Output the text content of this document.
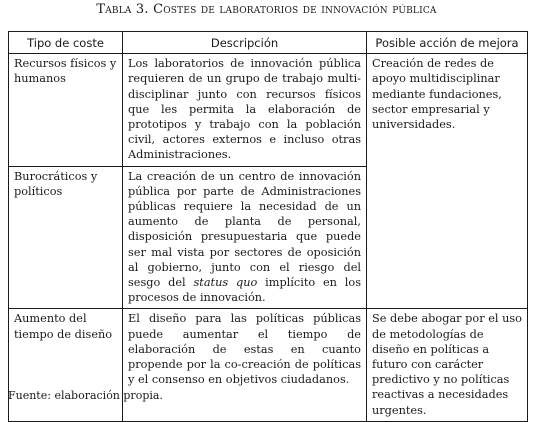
Tabla 3. Costes de laboratorios de innovación pública
Tipo de coste	Descripción	Posible acción de mejora
Recursos físicos y humanos	Los laboratorios de innovación pública requieren de un grupo de trabajo multi-disciplinar junto con recursos físicos que les permita la elaboración de prototipos y trabajo con la población civil, actores externos e incluso otras Administraciones.	Creación de redes de apoyo multidisciplinar mediante fundaciones, sector empresarial y universidades.
Burocráticos y políticos	La creación de un centro de innovación pública por parte de Administraciones públicas requiere la necesidad de un aumento de planta de personal, disposición presupuestaria que puede ser mal vista por sectores de oposición al gobierno, junto con el riesgo del sesgo del status quo implícito en los procesos de innovación.	
Aumento del tiempo de diseño	El diseño para las políticas públicas puede aumentar el tiempo de elaboración de estas en cuanto propende por la co-creación de políticas y el consenso en objetivos ciudadanos.	Se debe abogar por el uso de metodologías de diseño en políticas a futuro con carácter predictivo y no políticas reactivas a necesidades urgentes.
Fuente: elaboración propia.
